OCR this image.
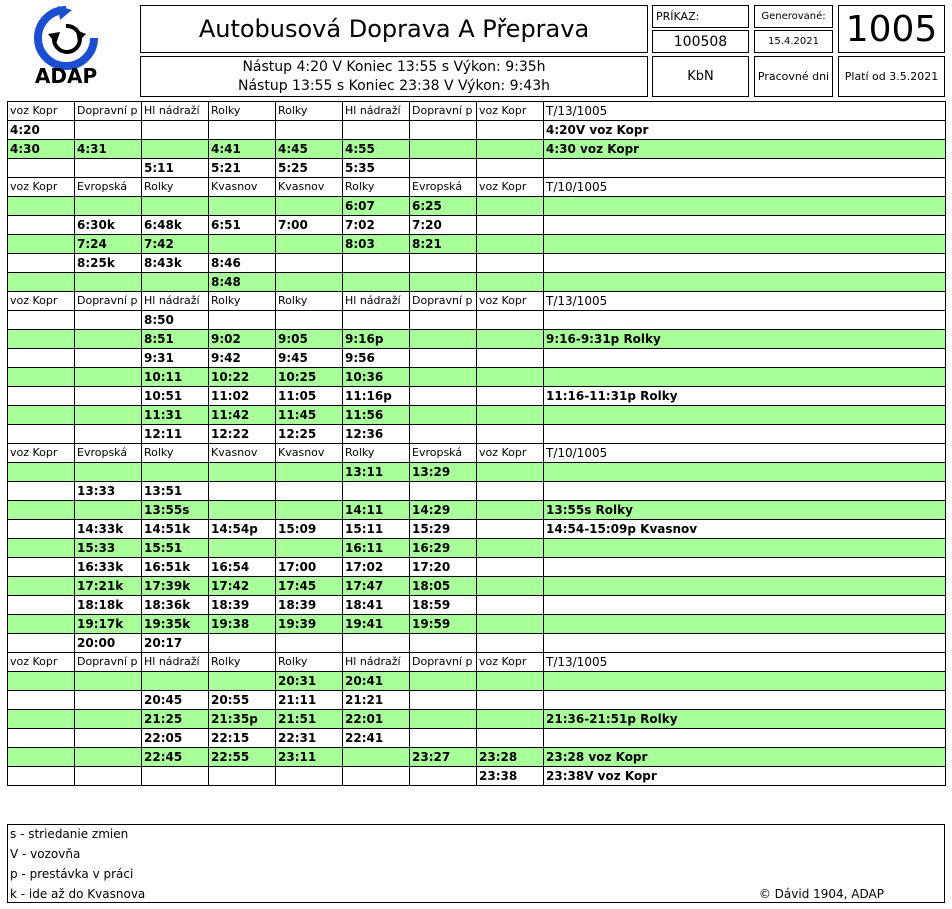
ADAP
Autobusová Doprava A Přeprava
Nástup 4:20 V Koniec 13:55 s Výkon: 9:35h
Nástup 13:55 s Koniec 23:38 V Výkon: 9:43h
PRÍKAZ:
100508
Generované:
15.4.2021 1005
KbN	Pracovné dni	Platí od 3.5.2021
voz Kopr	Dopravní p	Hl nádraží	Rolky	Rolky	Hl nádraží	Dopravní p	voz Kopr	T/13/1005
4:20								4:20V voz Kopr
4:30	4:31		4:41	4:45	4:55			4:30 voz Kopr
		5:11	5:21	5:25	5:35			
voz Kopr	Evropská	Rolky	Kvasnov	Kvasnov	Rolky	Evropská	voz Kopr	T/10/1005
					6:07	6:25		
	6:30k	6:48k	6:51	7:00	7:02	7:20		
	7:24	7:42			8:03	8:21		
	8:25k	8:43k	8:46					
			8:48					
voz Kopr	Dopravní p	Hl nádraží	Rolky	Rolky	Hl nádraží	Dopravní p	voz Kopr	T/13/1005
		8:50						
		8:51	9:02	9:05	9:16p			9:16-9:31p Rolky
		9:31	9:42	9:45	9:56			
		10:11	10:22	10:25	10:36			
		10:51	11:02	11:05	11:16p			11:16-11:31p Rolky
		11:31	11:42	11:45	11:56			
		12:11	12:22	12:25	12:36			
voz Kopr	Evropská	Rolky	Kvasnov	Kvasnov	Rolky	Evropská	voz Kopr	T/10/1005
					13:11	13:29		
	13:33	13:51						
		13:55s			14:11	14:29		13:55s Rolky
	14:33k	14:51k	14:54p	15:09	15:11	15:29		14:54-15:09p Kvasnov
	15:33	15:51			16:11	16:29		
	16:33k	16:51k	16:54	17:00	17:02	17:20		
	17:21k	17:39k	17:42	17:45	17:47	18:05		
	18:18k	18:36k	18:39	18:39	18:41	18:59		
	19:17k	19:35k	19:38	19:39	19:41	19:59		
	20:00	20:17						
voz Kopr	Dopravní p	Hl nádraží	Rolky	Rolky	Hl nádraží	Dopravní p	voz Kopr	T/13/1005
				20:31	20:41			
		20:45	20:55	21:11	21:21			
		21:25	21:35p	21:51	22:01			21:36-21:51p Rolky
		22:05	22:15	22:31	22:41			
		22:45	22:55	23:11		23:27	23:28	23:28 voz Kopr
							23:38	23:38V voz Kopr
s - striedanie zmien
V - vozovňa
p - prestávka v práci
k - ide až do Kvasnova	© Dávid 1904, ADAP
